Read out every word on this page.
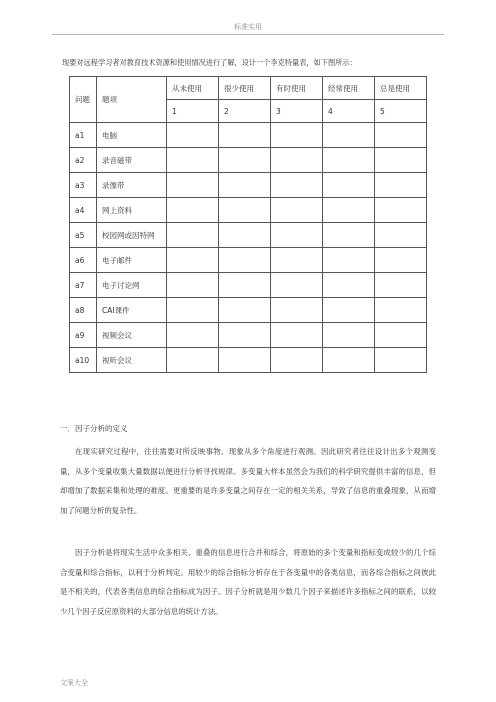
标准实用
现要对远程学习者对教育技术资源和使用情况进行了解，设计一个李克特量表，如下图所示：
问题	题项	从未使用	很少使用	有时使用	经常使用	总是使用
		1	2	3	4	5
a1	电脑					
a2	录音磁带					
a3	录像带					
a4	网上资料					
a5	校园网或因特网					
a6	电子邮件					
a7	电子讨论网					
a8	CAI课件					
a9	视频会议					
a10	视听会议					
一．因子分析的定义

在现实研究过程中，往往需要对所反映事物、现象从多个角度进行观测。因此研究者往往设计出多个观测变量，从多个变量收集大量数据以便进行分析寻找规律。多变量大样本虽然会为我们的科学研究提供丰富的信息，但却增加了数据采集和处理的难度。更重要的是许多变量之间存在一定的相关关系，导致了信息的重叠现象，从而增加了问题分析的复杂性。

因子分析是将现实生活中众多相关、重叠的信息进行合并和综合，将原始的多个变量和指标变成较少的几个综合变量和综合指标，以利于分析判定。用较少的综合指标分析存在于各变量中的各类信息，而各综合指标之间彼此是不相关的，代表各类信息的综合指标成为因子。因子分析就是用少数几个因子来描述许多指标之间的联系，以较少几个因子反应原资料的大部分信息的统计方法。

文案大全
